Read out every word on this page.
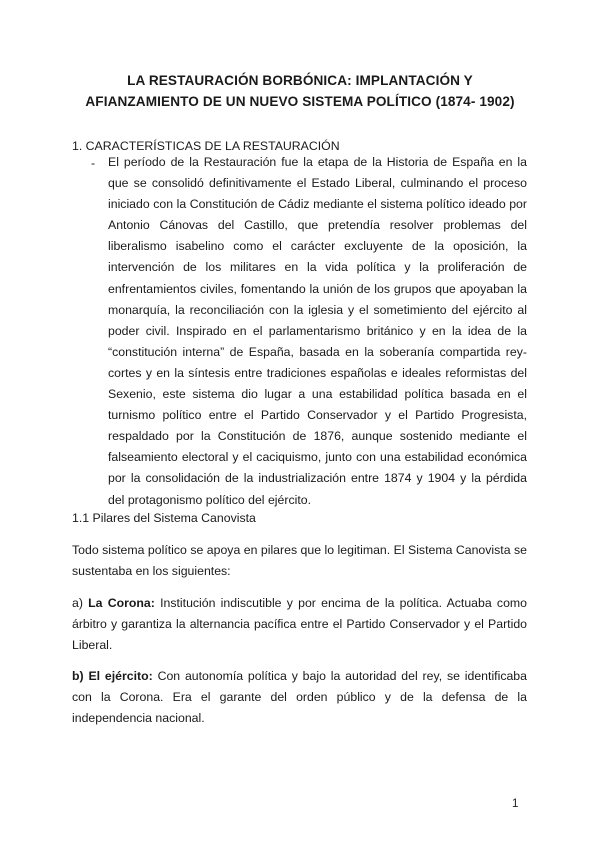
LA RESTAURACIÓN BORBÓNICA: IMPLANTACIÓN Y
AFIANZAMIENTO DE UN NUEVO SISTEMA POLÍTICO (1874- 1902)
1. CARACTERÍSTICAS DE LA RESTAURACIÓN
- El período de la Restauración fue la etapa de la Historia de España en la que se consolidó definitivamente el Estado Liberal, culminando el proceso iniciado con la Constitución de Cádiz mediante el sistema político ideado por Antonio Cánovas del Castillo, que pretendía resolver problemas del liberalismo isabelino como el carácter excluyente de la oposición, la intervención de los militares en la vida política y la proliferación de enfrentamientos civiles, fomentando la unión de los grupos que apoyaban la monarquía, la reconciliación con la iglesia y el sometimiento del ejército al poder civil. Inspirado en el parlamentarismo británico y en la idea de la “constitución interna” de España, basada en la soberanía compartida rey-cortes y en la síntesis entre tradiciones españolas e ideales reformistas del Sexenio, este sistema dio lugar a una estabilidad política basada en el turnismo político entre el Partido Conservador y el Partido Progresista, respaldado por la Constitución de 1876, aunque sostenido mediante el falseamiento electoral y el caciquismo, junto con una estabilidad económica por la consolidación de la industrialización entre 1874 y 1904 y la pérdida del protagonismo político del ejército.
1.1 Pilares del Sistema Canovista
Todo sistema político se apoya en pilares que lo legitiman. El Sistema Canovista se sustentaba en los siguientes:
a) La Corona: Institución indiscutible y por encima de la política. Actuaba como árbitro y garantiza la alternancia pacífica entre el Partido Conservador y el Partido Liberal.
b) El ejército: Con autonomía política y bajo la autoridad del rey, se identificaba con la Corona. Era el garante del orden público y de la defensa de la independencia nacional.
1
